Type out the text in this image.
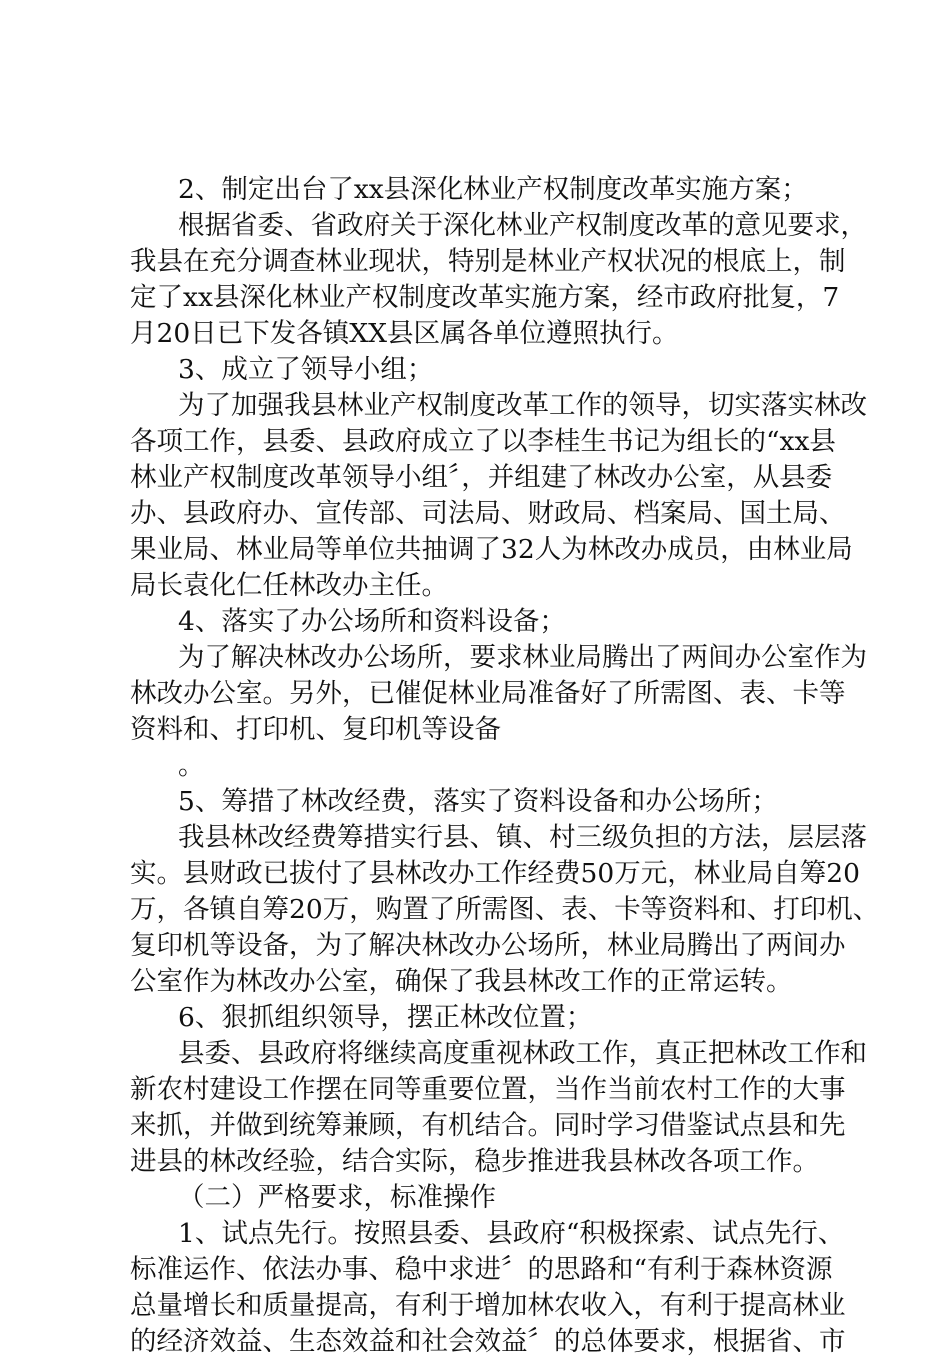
2、制定出台了xx县深化林业产权制度改革实施方案；
根据省委、省政府关于深化林业产权制度改革的意见要求，
我县在充分调查林业现状，特别是林业产权状况的根底上，制
定了xx县深化林业产权制度改革实施方案，经市政府批复，7
月20日已下发各镇XX县区属各单位遵照执行。
3、成立了领导小组；
为了加强我县林业产权制度改革工作的领导，切实落实林改
各项工作，县委、县政府成立了以李桂生书记为组长的“xx县
林业产权制度改革领导小组〞，并组建了林改办公室，从县委
办、县政府办、宣传部、司法局、财政局、档案局、国土局、
果业局、林业局等单位共抽调了32人为林改办成员，由林业局
局长袁化仁任林改办主任。
4、落实了办公场所和资料设备；
为了解决林改办公场所，要求林业局腾出了两间办公室作为
林改办公室。另外，已催促林业局准备好了所需图、表、卡等
资料和、打印机、复印机等设备
。
5、筹措了林改经费，落实了资料设备和办公场所；
我县林改经费筹措实行县、镇、村三级负担的方法，层层落
实。县财政已拔付了县林改办工作经费50万元，林业局自筹20
万，各镇自筹20万，购置了所需图、表、卡等资料和、打印机、
复印机等设备，为了解决林改办公场所，林业局腾出了两间办
公室作为林改办公室，确保了我县林改工作的正常运转。
6、狠抓组织领导，摆正林改位置；
县委、县政府将继续高度重视林政工作，真正把林改工作和
新农村建设工作摆在同等重要位置，当作当前农村工作的大事
来抓，并做到统筹兼顾，有机结合。同时学习借鉴试点县和先
进县的林改经验，结合实际，稳步推进我县林改各项工作。
（二）严格要求，标准操作
1、试点先行。按照县委、县政府“积极探索、试点先行、
标准运作、依法办事、稳中求进〞的思路和“有利于森林资源
总量增长和质量提高，有利于增加林农收入，有利于提高林业
的经济效益、生态效益和社会效益〞的总体要求，根据省、市
